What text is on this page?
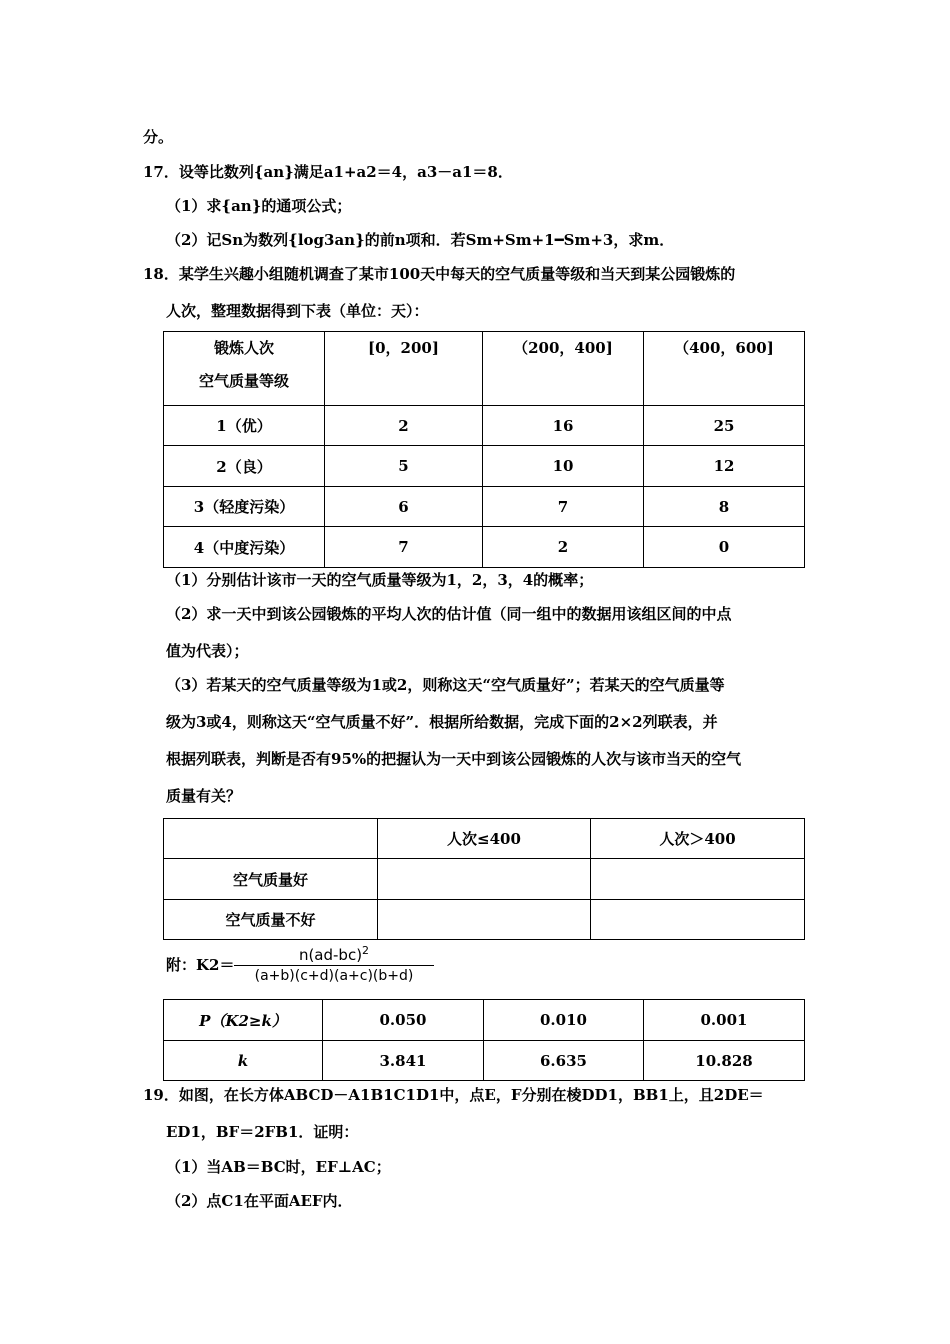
分。
17．设等比数列{an}满足a1+a2＝4，a3－a1＝8．
（1）求{an}的通项公式；
（2）记Sn为数列{log3an}的前n项和．若Sm+Sm+1━Sm+3，求m．
18．某学生兴趣小组随机调查了某市100天中每天的空气质量等级和当天到某公园锻炼的
人次，整理数据得到下表（单位：天）：
锻炼人次
空气质量等级	[0，200]	（200，400]	（400，600]

1（优）	2	16	25
2（良）	5	10	12
3（轻度污染）	6	7	8
4（中度污染）	7	2	0
（1）分别估计该市一天的空气质量等级为1，2，3，4的概率；
（2）求一天中到该公园锻炼的平均人次的估计值（同一组中的数据用该组区间的中点
值为代表）；
（3）若某天的空气质量等级为1或2，则称这天“空气质量好”；若某天的空气质量等
级为3或4，则称这天“空气质量不好”．根据所给数据，完成下面的2×2列联表，并
根据列联表，判断是否有95%的把握认为一天中到该公园锻炼的人次与该市当天的空气
质量有关？
	人次≤400	人次＞400
空气质量好		
空气质量不好		
附：K2＝
$n(ad-bc)^2$
(a+b)(c+d)(a+c)(b+d)
P（K2≥k）	0.050	0.010	0.001
k	3.841	6.635	10.828
19．如图，在长方体ABCD－A1B1C1D1中，点E，F分别在棱DD1，BB1上，且2DE＝
ED1，BF＝2FB1．证明：
（1）当AB＝BC时，EF⊥AC；
（2）点C1在平面AEF内．
